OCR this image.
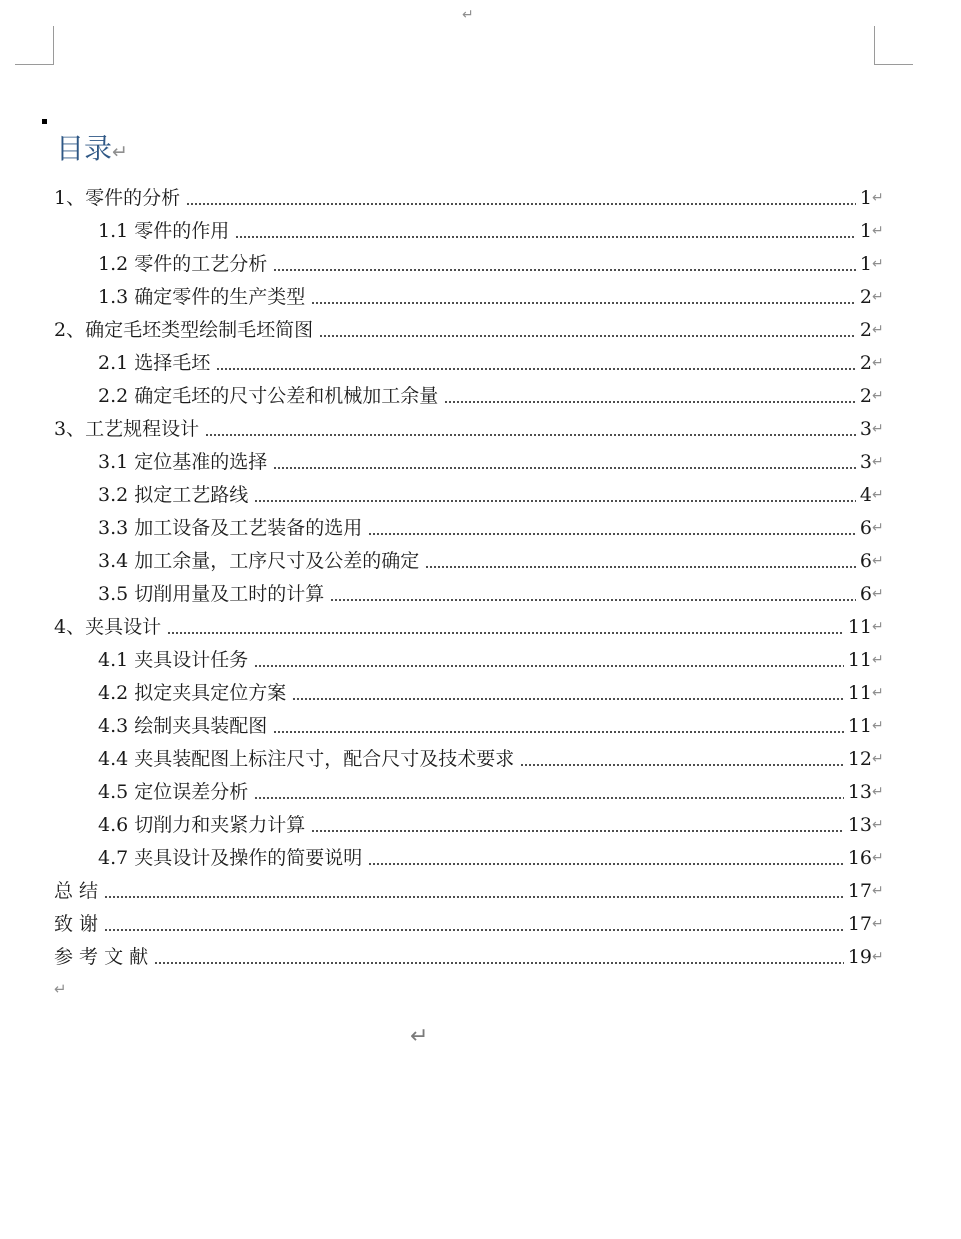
↵
目录↵
1、零件的分析	1 ↵
1.1 零件的作用	1 ↵
1.2 零件的工艺分析	1 ↵
1.3 确定零件的生产类型	2 ↵
2、确定毛坯类型绘制毛坯简图	2 ↵
2.1 选择毛坯	2 ↵
2.2 确定毛坯的尺寸公差和机械加工余量	2 ↵
3、工艺规程设计	3 ↵
3.1 定位基准的选择	3 ↵
3.2 拟定工艺路线	4 ↵
3.3 加工设备及工艺装备的选用	6 ↵
3.4 加工余量，工序尺寸及公差的确定	6 ↵
3.5 切削用量及工时的计算	6 ↵
4、夹具设计	11 ↵
4.1 夹具设计任务	11 ↵
4.2 拟定夹具定位方案	11 ↵
4.3 绘制夹具装配图	11 ↵
4.4 夹具装配图上标注尺寸，配合尺寸及技术要求	12 ↵
4.5 定位误差分析	13 ↵
4.6 切削力和夹紧力计算	13 ↵
4.7 夹具设计及操作的简要说明	16 ↵
总 结	17 ↵
致 谢	17 ↵
参 考 文 献	19 ↵
↵
↵
